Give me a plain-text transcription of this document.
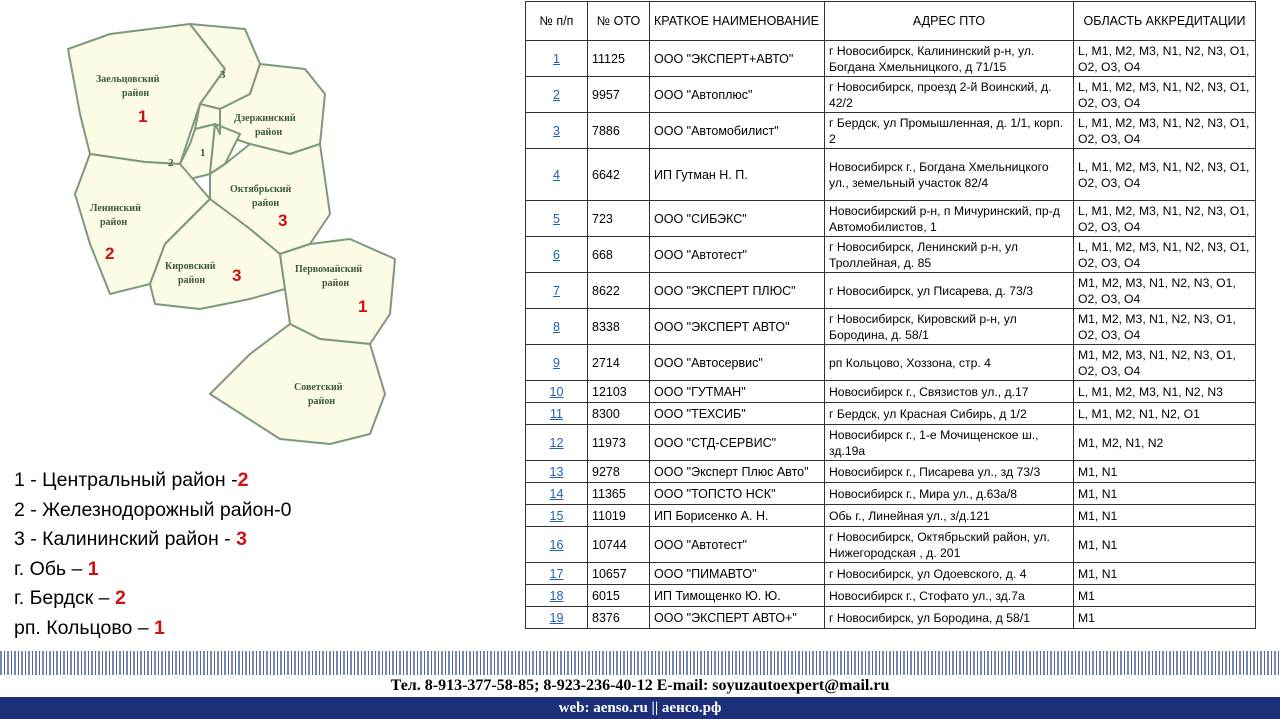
Заельцовский
район
1
3
Дзержинский
район
2
1
Октябрьский
район
3
Ленинский
район
2
Кировский
район 3	Первомайский
район
1
Советский
район
1 - Центральный район -2
2 - Железнодорожный район-0
3 - Калининский район - 3
г. Обь – 1
г. Бердск – 2
рп. Кольцово – 1
№ п/п	№ ОТО	КРАТКОЕ НАИМЕНОВАНИЕ	АДРЕС ПТО	ОБЛАСТЬ АККРЕДИТАЦИИ
1	11125	ООО "ЭКСПЕРТ+АВТО"	г Новосибирск, Калининский р-н, ул. Богдана Хмельницкого, д 71/15	L, M1, M2, M3, N1, N2, N3, O1, O2, O3, O4
2	9957	ООО "Автоплюс"	г Новосибирск, проезд 2-й Воинский, д. 42/2	L, M1, M2, M3, N1, N2, N3, O1, O2, O3, O4
3	7886	ООО "Автомобилист"	г Бердск, ул Промышленная, д. 1/1, корп. 2	L, M1, M2, M3, N1, N2, N3, O1, O2, O3, O4
4	6642	ИП Гутман Н. П.	Новосибирск г., Богдана Хмельницкого ул., земельный участок 82/4	L, M1, M2, M3, N1, N2, N3, O1, O2, O3, O4
5	723	ООО "СИБЭКС"	Новосибирский р-н, п Мичуринский, пр-д Автомобилистов, 1	L, M1, M2, M3, N1, N2, N3, O1, O2, O3, O4
6	668	ООО "Автотест"	г Новосибирск, Ленинский р-н, ул Троллейная, д. 85	L, M1, M2, M3, N1, N2, N3, O1, O2, O3, O4
7	8622	ООО "ЭКСПЕРТ ПЛЮС"	г Новосибирск, ул Писарева, д. 73/3	M1, M2, M3, N1, N2, N3, O1, O2, O3, O4
8	8338	ООО "ЭКСПЕРТ АВТО"	г Новосибирск, Кировский р-н, ул Бородина, д. 58/1	M1, M2, M3, N1, N2, N3, O1, O2, O3, O4
9	2714	ООО "Автосервис"	рп Кольцово, Хоззона, стр. 4	M1, M2, M3, N1, N2, N3, O1, O2, O3, O4
10	12103	ООО "ГУТМАН"	Новосибирск г., Связистов ул., д.17	L, M1, M2, M3, N1, N2, N3
11	8300	ООО "ТЕХСИБ"	г Бердск, ул Красная Сибирь, д 1/2	L, M1, M2, N1, N2, O1
12	11973	ООО "СТД-СЕРВИС"	Новосибирск г., 1-е Мочищенское ш., зд.19а	M1, M2, N1, N2
13	9278	ООО "Эксперт Плюс Авто"	Новосибирск г., Писарева ул., зд 73/3	M1, N1
14	11365	ООО "ТОПСТО НСК"	Новосибирск г., Мира ул., д.63а/8	M1, N1
15	11019	ИП Борисенко А. Н.	Обь г., Линейная ул., з/д.121	M1, N1
16	10744	ООО "Автотест"	г Новосибирск, Октябрьский район, ул. Нижегородская , д. 201	M1, N1
17	10657	ООО "ПИМАВТО"	г Новосибирск, ул Одоевского, д. 4	M1, N1
18	6015	ИП Тимощенко Ю. Ю.	Новосибирск г., Стофато ул., зд.7а	M1
19	8376	ООО "ЭКСПЕРТ АВТО+"	г Новосибирск, ул Бородина, д 58/1	M1
Тел. 8-913-377-58-85; 8-923-236-40-12 E-mail: soyuzautoexpert@mail.ru
web: aenso.ru || аенсо.рф
